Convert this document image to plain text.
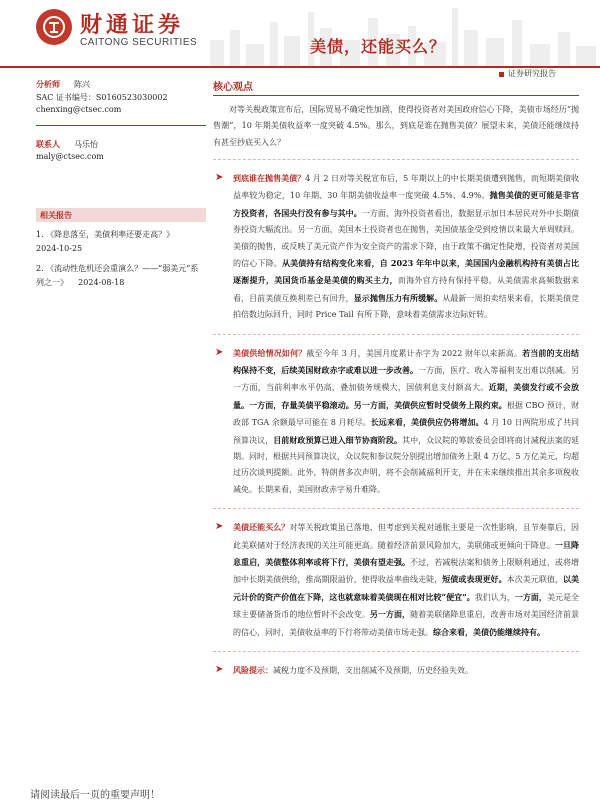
财通证券
CAITONG SECURITIES	美债，还能买么？
证券研究报告
分析师 陈兴
SAC 证书编号：S0160523030002
chenxing@ctsec.com
联系人 马乐怡
maly@ctsec.com
相关报告
1. 《降息落至，美债利率还要走高？》
2024-10-25
2. 《流动性危机还会重演么？——“弱美元”系列之一》 2024-08-18
核心观点
对等关税政策宣布后，国际贸易不确定性加剧，使得投资者对美国政府信心下降，美债市场经历“抛售潮”，10 年期美债收益率一度突破 4.5%。那么，到底是谁在抛售美债？展望未来，美债还能继续持有甚至抄底买入么？
➤ 到底谁在抛售美债？4 月 2 日对等关税宣布后，5 年期以上的中长期美债遭到抛售，而短期美债收益率较为稳定，10 年期、30 年期美债收益率一度突破 4.5%、4.9%。抛售美债的更可能是非官方投资者，各国央行没有参与其中。一方面，海外投资者看出，数据显示加日本居民对外中长期债券投资大幅流出。另一方面，美国本土投资者也在抛售，美国债基金受到疫情以来最大单周赎回。美债的抛售，或反映了美元资产作为安全资产的需求下降，由于政策不确定性陡增，投资者对美国的信心下降。从美债持有结构变化来看，自 2023 年年中以来，美国国内金融机构持有美债占比逐渐提升，美国货币基金是美债的购买主力，而海外官方持有保持平稳。从美债需求高频数据来看，目前美债互换利差已有回升，显示抛售压力有所缓解。从最新一周拍卖结果来看，长期美债竞拍倍数边际回升，同时 Price Tail 有所下降，意味着美债需求边际好转。
➤ 美债供给情况如何？截至今年 3 月，美国月度累计赤字为 2022 财年以来新高。若当前的支出结构保持不变，后续美国财政赤字或难以进一步改善。一方面，医疗、收入等福利支出难以削减。另一方面，当前利率水平仍高，叠加债务规模大，国债利息支付额高大。近期，美债发行或不会放量。一方面，存量美债平稳滚动。另一方面，美债供应暂时受债务上限约束。根据 CBO 预计，财政部 TGA 余额最早可能在 8 月耗尽。长远来看，美债供应仍将增加。4 月 10 日两院形成了共同预算决议，目前财政预算已进入细节协商阶段。其中，众议院的筹款委员会即将商讨减税法案的延期。同时，根据共同预算决议，众议院和参议院分别提出增加债务上限 4 万亿、5 万亿美元，均超过历次谈判提额。此外，特朗普多次声明，将不会削减福利开支，并在未来继续推出其余多项税收减免。长期来看，美国财政赤字易升难降。
➤ 美债还能买么？对等关税政策虽已落地，但考虑到关税对通胀主要是一次性影响，且节奏靠后，因此美联储对于经济表现的关注可能更高。随着经济前景风险加大，美联储或更倾向于降息。一旦降息重启，美债整体利率或将下行，美债有望走强。不过，若减税法案和债务上限顺利通过，或将增加中长期美债供给，推高期限溢价，使得收益率曲线走陡，短债或表现更好。本次美元联值，以美元计价的资产价值在下降，这也就意味着美债现在相对比较“便宜”。我们认为，一方面，美元是全球主要储备货币的地位暂时不会改变。另一方面，随着美联储降息重启，改善市场对美国经济前景的信心，同时，美债收益率的下行将带动美债市场走强。综合来看，美债仍能继续持有。
➤ 风险提示：减税力度不及预期，支出削减不及预期，历史经验失效。
请阅读最后一页的重要声明！
